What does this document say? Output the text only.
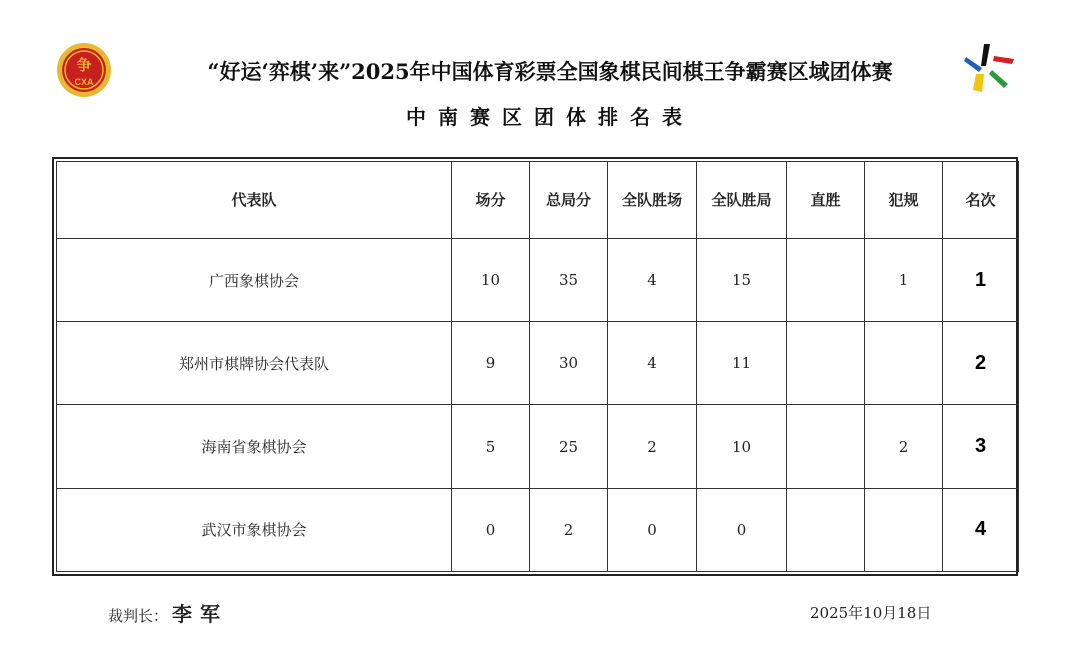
争
CXA	“好运‘弈棋’来”2025年中国体育彩票全国象棋民间棋王争霸赛区域团体赛
中南赛区团体排名表
代表队	场分	总局分	全队胜场	全队胜局	直胜	犯规	名次
广西象棋协会	10	35	4	15		1	1
郑州市棋牌协会代表队	9	30	4	11			2
海南省象棋协会	5	25	2	10		2	3
武汉市象棋协会	0	2	0	0			4
裁判长： 李军	2025年10月18日
